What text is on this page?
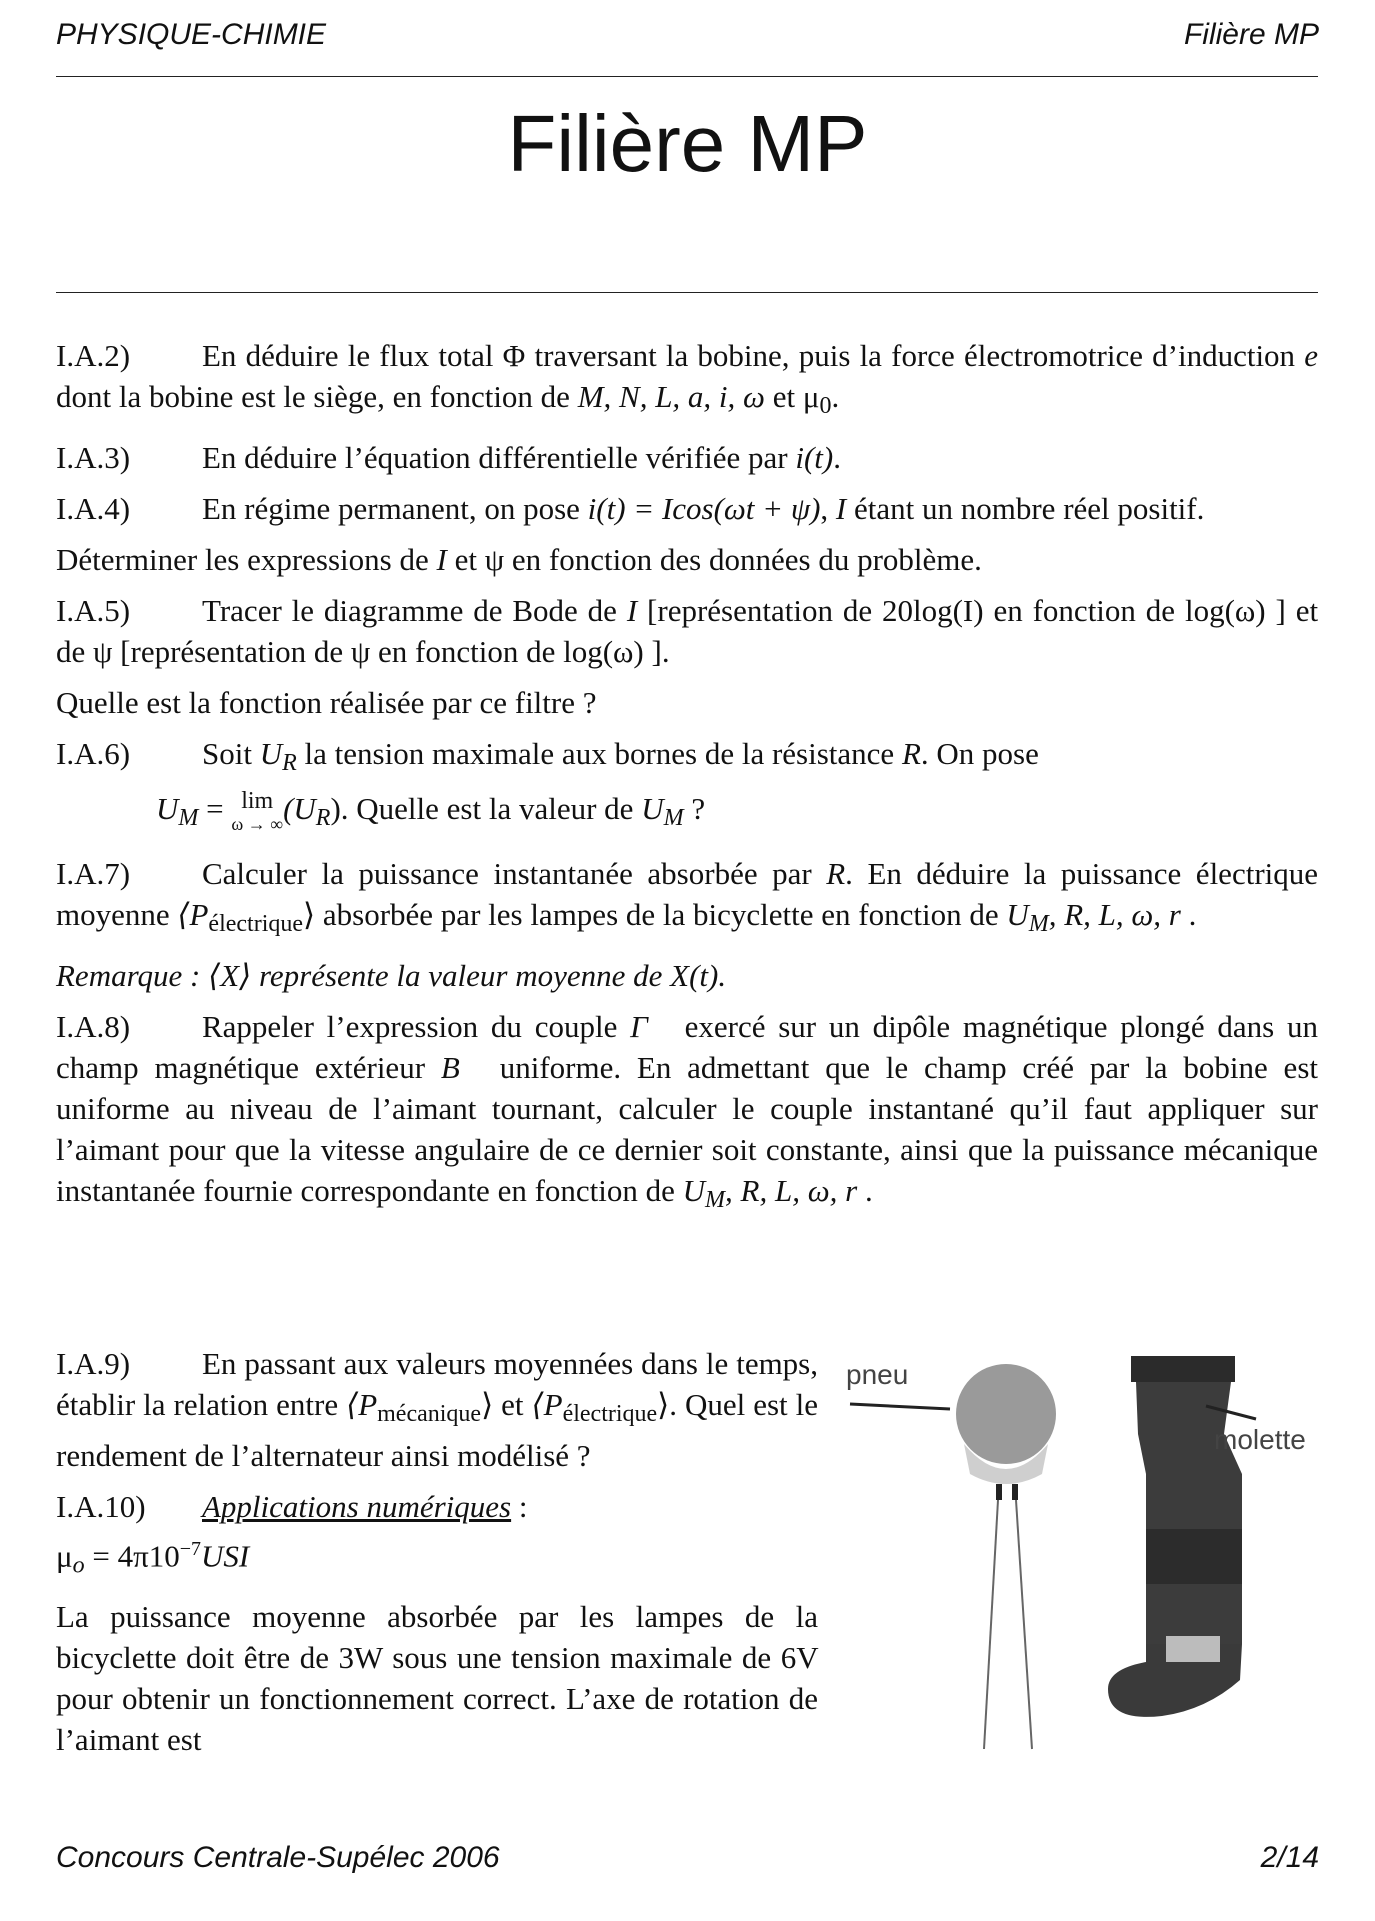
PHYSIQUE-CHIMIE	Filière MP
Filière MP

I.A.2) En déduire le flux total Φ traversant la bobine, puis la force électromotrice d’induction e dont la bobine est le siège, en fonction de M, N, L, a, i, ω et μ0.

I.A.3) En déduire l’équation différentielle vérifiée par i(t).

I.A.4) En régime permanent, on pose i(t) = Icos(ωt + ψ), I étant un nombre réel positif.

Déterminer les expressions de I et ψ en fonction des données du problème.

I.A.5) Tracer le diagramme de Bode de I [représentation de 20log(I) en fonction de log(ω) ] et de ψ [représentation de ψ en fonction de log(ω) ].

Quelle est la fonction réalisée par ce filtre ?

I.A.6) Soit UR la tension maximale aux bornes de la résistance R. On pose

UM = lim
ω → ∞ (UR). Quelle est la valeur de UM ?

I.A.7) Calculer la puissance instantanée absorbée par R. En déduire la puissance électrique moyenne ⟨Pélectrique⟩ absorbée par les lampes de la bicyclette en fonction de UM, R, L, ω, r .

Remarque : ⟨X⟩ représente la valeur moyenne de X(t).

I.A.8) Rappeler l’expression du couple Γ⃗ exercé sur un dipôle magnétique plongé dans un champ magnétique extérieur B⃗ uniforme. En admettant que le champ créé par la bobine est uniforme au niveau de l’aimant tournant, calculer le couple instantané qu’il faut appliquer sur l’aimant pour que la vitesse angulaire de ce dernier soit constante, ainsi que la puissance mécanique instantanée fournie correspondante en fonction de UM, R, L, ω, r .

I.A.9) En passant aux valeurs moyennées dans le temps, établir la relation entre ⟨Pmécanique⟩ et ⟨Pélectrique⟩. Quel est le rendement de l’alternateur ainsi modélisé ?

I.A.10) Applications numériques :

$\mu o = 4\pi 10^{-7}USI$

La puissance moyenne absorbée par les lampes de la bicyclette doit être de 3W sous une tension maximale de 6V pour obtenir un fonctionnement correct. L’axe de rotation de l’aimant est

pneu
molette
Concours Centrale-Supélec 2006	2/14
